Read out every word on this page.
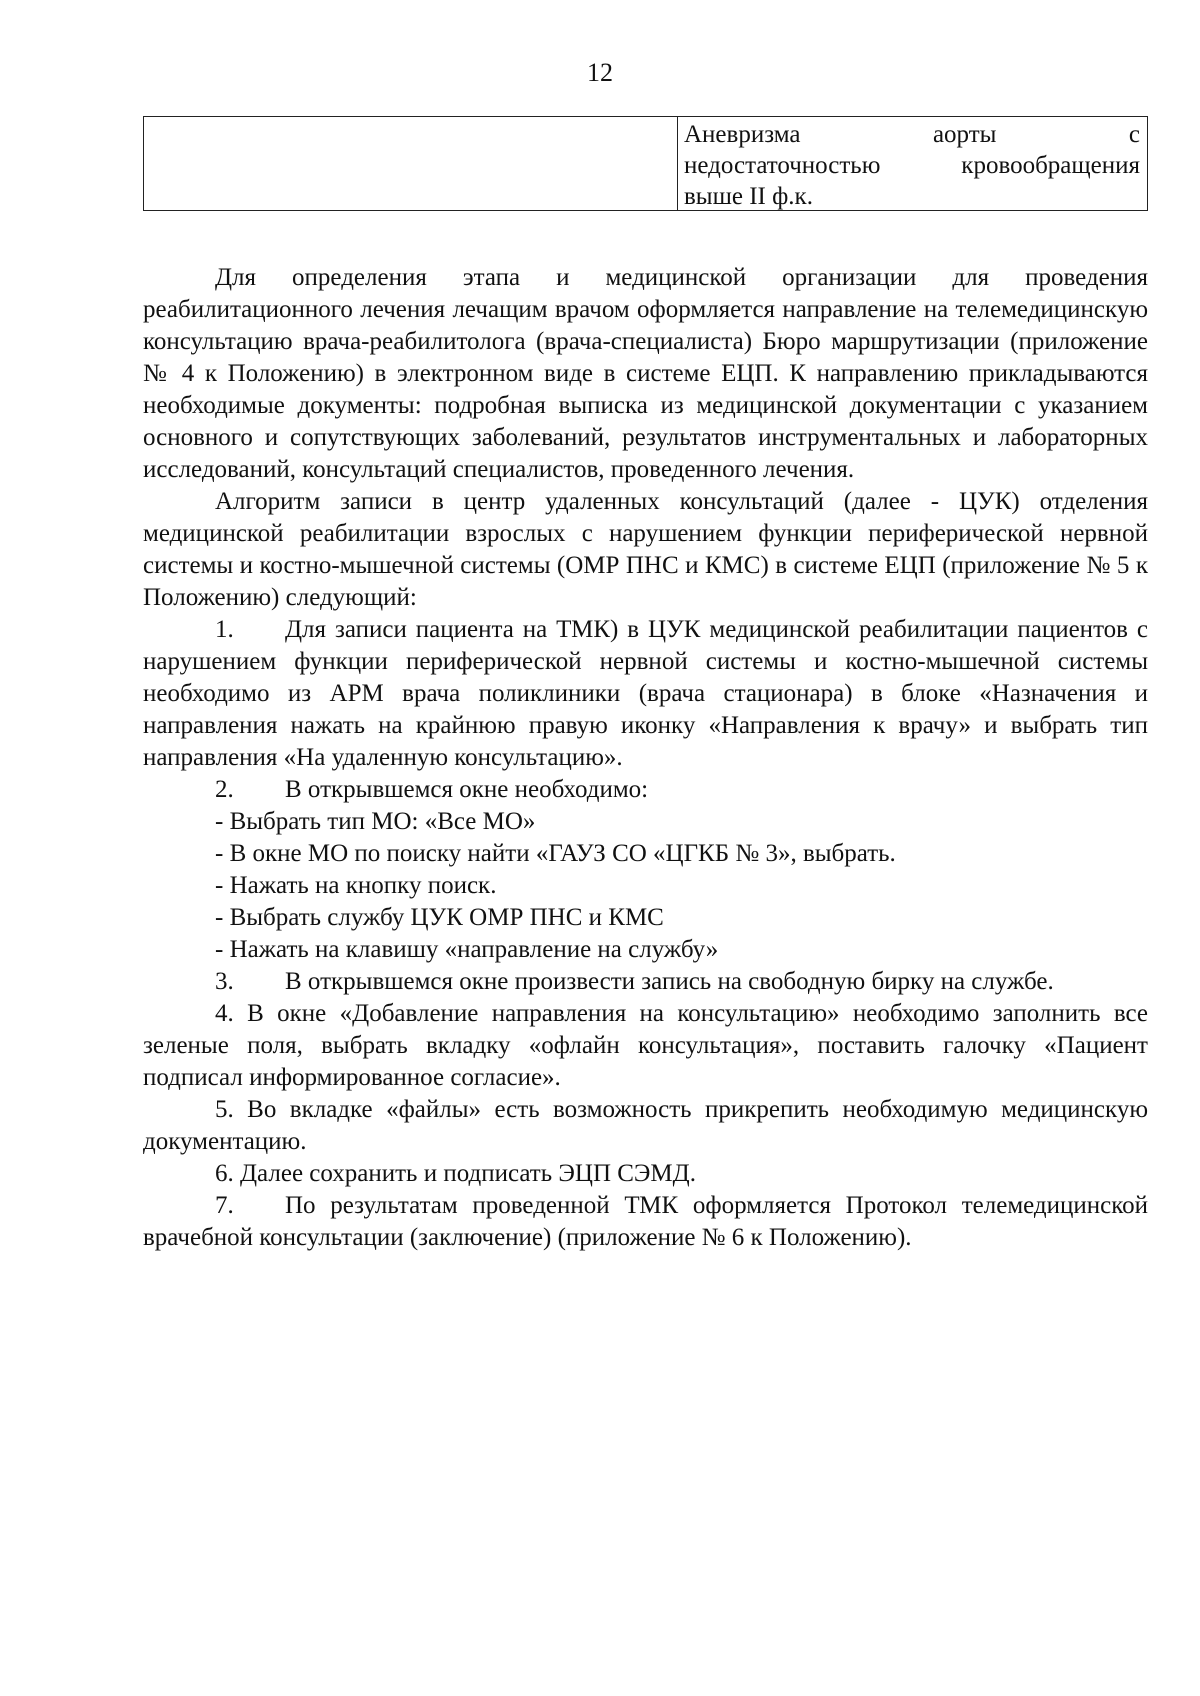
12
Аневризма аорты с
недостаточностью кровообращения
выше II ф.к.

Для определения этапа и медицинской организации для проведения реабилитационного лечения лечащим врачом оформляется направление на телемедицинскую консультацию врача-реабилитолога (врача-специалиста) Бюро маршрутизации (приложение № 4 к Положению) в электронном виде в системе ЕЦП. К направлению прикладываются необходимые документы: подробная выписка из медицинской документации с указанием основного и сопутствующих заболеваний, результатов инструментальных и лабораторных исследований, консультаций специалистов, проведенного лечения.

Алгоритм записи в центр удаленных консультаций (далее - ЦУК) отделения медицинской реабилитации взрослых с нарушением функции периферической нервной системы и костно-мышечной системы (ОМР ПНС и КМС) в системе ЕЦП (приложение № 5 к Положению) следующий:

1. Для записи пациента на ТМК) в ЦУК медицинской реабилитации пациентов с нарушением функции периферической нервной системы и костно-мышечной системы необходимо из АРМ врача поликлиники (врача стационара) в блоке «Назначения и направления нажать на крайнюю правую иконку «Направления к врачу» и выбрать тип направления «На удаленную консультацию».

2. В открывшемся окне необходимо:

- Выбрать тип МО: «Все МО»

- В окне МО по поиску найти «ГАУЗ СО «ЦГКБ № 3», выбрать.

- Нажать на кнопку поиск.

- Выбрать службу ЦУК ОМР ПНС и КМС

- Нажать на клавишу «направление на службу»

3. В открывшемся окне произвести запись на свободную бирку на службе.

4. В окне «Добавление направления на консультацию» необходимо заполнить все зеленые поля, выбрать вкладку «офлайн консультация», поставить галочку «Пациент подписал информированное согласие».

5. Во вкладке «файлы» есть возможность прикрепить необходимую медицинскую документацию.

6. Далее сохранить и подписать ЭЦП СЭМД.

7. По результатам проведенной ТМК оформляется Протокол телемедицинской врачебной консультации (заключение) (приложение № 6 к Положению).
